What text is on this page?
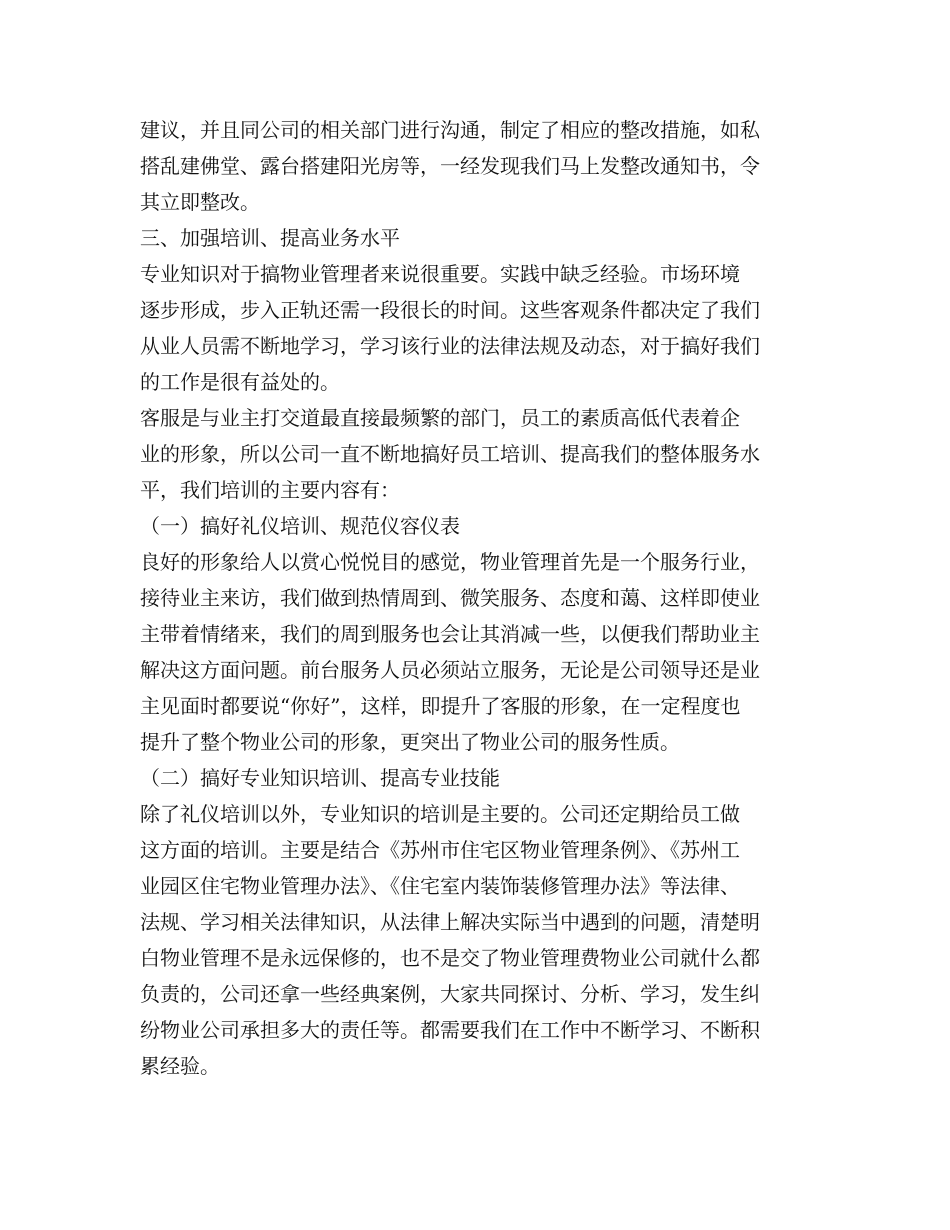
建议，并且同公司的相关部门进行沟通，制定了相应的整改措施，如私
搭乱建佛堂、露台搭建阳光房等，一经发现我们马上发整改通知书，令
其立即整改。
三、加强培训、提高业务水平
专业知识对于搞物业管理者来说很重要。实践中缺乏经验。市场环境
逐步形成，步入正轨还需一段很长的时间。这些客观条件都决定了我们
从业人员需不断地学习，学习该行业的法律法规及动态，对于搞好我们
的工作是很有益处的。
客服是与业主打交道最直接最频繁的部门，员工的素质高低代表着企
业的形象，所以公司一直不断地搞好员工培训、提高我们的整体服务水
平，我们培训的主要内容有：
（一）搞好礼仪培训、规范仪容仪表
良好的形象给人以赏心悦悦目的感觉，物业管理首先是一个服务行业，
接待业主来访，我们做到热情周到、微笑服务、态度和蔼、这样即使业
主带着情绪来，我们的周到服务也会让其消减一些，以便我们帮助业主
解决这方面问题。前台服务人员必须站立服务，无论是公司领导还是业
主见面时都要说“你好”，这样，即提升了客服的形象，在一定程度也
提升了整个物业公司的形象，更突出了物业公司的服务性质。
（二）搞好专业知识培训、提高专业技能
除了礼仪培训以外，专业知识的培训是主要的。公司还定期给员工做
这方面的培训。主要是结合《苏州市住宅区物业管理条例》、《苏州工
业园区住宅物业管理办法》、《住宅室内装饰装修管理办法》等法律、
法规、学习相关法律知识，从法律上解决实际当中遇到的问题，清楚明
白物业管理不是永远保修的，也不是交了物业管理费物业公司就什么都
负责的，公司还拿一些经典案例，大家共同探讨、分析、学习，发生纠
纷物业公司承担多大的责任等。都需要我们在工作中不断学习、不断积
累经验。
